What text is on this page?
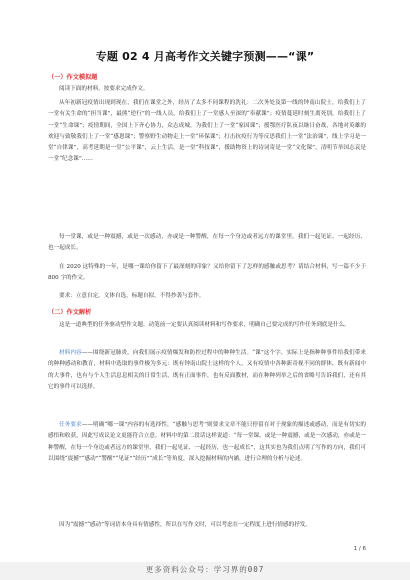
专题 02 4 月高考作文关键字预测——“课”
（一）作文模拟题

阅读下面的材料，按要求完成作文。

从年初新冠疫情出现到现在，我们在课堂之外，经历了太多不同课程的洗礼：二次务处及第一线的钟南山院士，给我们上了一堂有关生命的“担当课”，最熊“逆行”的一线人员，给我们上了一堂感人至深的“奉献课”；疫情蔓延时刻生离死别，给我们上了一堂“生命课”；疫情期间，全国上下齐心协力，众志成城，为我们上了一堂“家国课”；援鄂医疗队夜以继日奋战，各地对英雄的欢迎与致敬我们上了一堂“感恩课”；警察野生动物走上一堂“环保课”；打击抗疫行为等反思我们上一堂“法治课”，线上学习是一堂“自律课”，高考延期是一堂“公平课”，云上生活，是一堂“科技课”，援助物资上的诗词寄是一堂“文化课”，清明节举国志哀是一堂“纪念课”……

每一堂课，或是一种震撼，或是一次感动，亦或是一种警醒，在每一个身边或者远方的课堂里，我们一起见证、一起经历、也一起成长。

在 2020 这特殊的一年，是哪一课给你留下了最深刻的印象？又给你留下了怎样的感触或思考？请结合材料，写一篇不少于 800 字的作文。

要求：立意自定，文体自选，标题自拟，不得抄袭与套作。

（二）作文解析

这是一道典型的任务驱动型作文题。动笔前一定要认真阅读材料和写作要求，明确自己要完成的写作任务到底是什么。

材料内容——围绕新冠肺炎，向我们展示疫情爆发和防控过程中的种种生活。“课”这个字，实际上是指种种事件给我们带来的种种感动和教育，材料中选取的事件极为多元：既有钟南山院士这样的个人，又有疫情中各种新奇视不同的群体，既有新闻中的大事件，也有与个人生活息息相关的日常生活，既有正面事件，也有反面教材，而在种种列举之后的省略号告诉我们，还有其它的事件可以选择。

任务要求——明确“哪一课”内容的有选择性，“感触与思考”则要求文章不能只停留在对于现象的描述或感动，而是有切实的感悟和收获，因此写成议论文更能符合立意。材料中的第二段话这样说道：“每一堂课，或是一种震撼，或是一次感动，亦或是一种警醒，在每一个身边或者远方的课堂里，我们一起见证、一起经历，也一起成长”，这其实也为我们点明了写作的方向，我们可以围绕“震撼”“感动”“警醒”“见证”“经历”“成长”等角度，深入挖掘材料的内涵，进行合理的分析与论述。

因为“震撼”“感动”等词语本身具有情感性，所以在写作文时，可以考虑在一定程度上进行情感的抒发。

1 / 6
更多资料公众号：学习界的007
